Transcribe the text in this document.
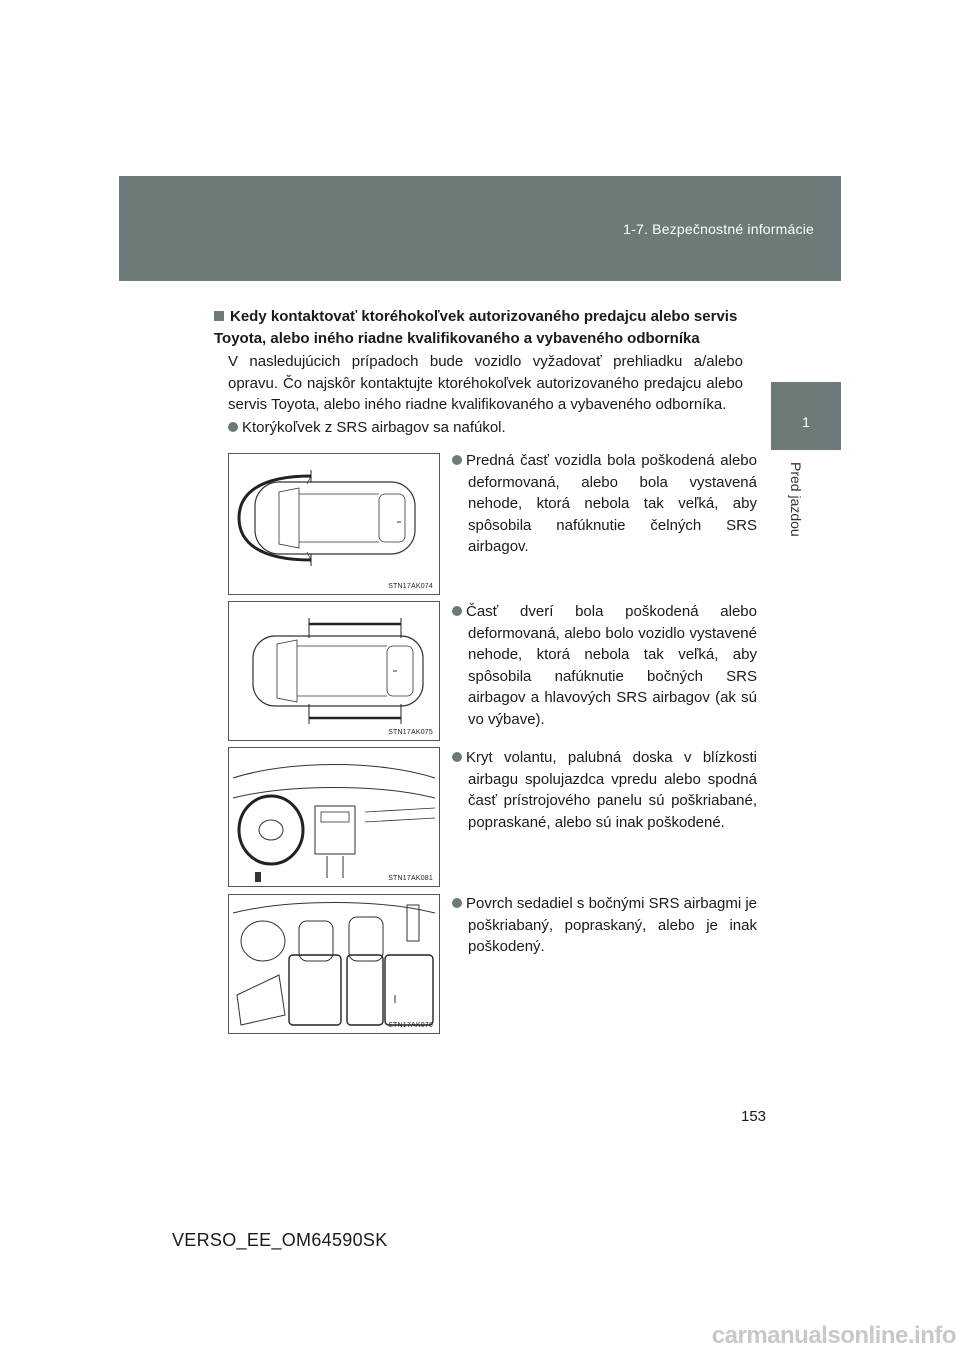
1-7. Bezpečnostné informácie
1
Pred jazdou
Kedy kontaktovať ktoréhokoľvek autorizovaného predajcu alebo servis Toyota, alebo iného riadne kvalifikovaného a vybaveného odborníka
V nasledujúcich prípadoch bude vozidlo vyžadovať prehliadku a/alebo opravu. Čo najskôr kontaktujte ktoréhokoľvek autorizovaného predajcu alebo servis Toyota, alebo iného riadne kvalifikovaného a vybaveného odborníka.
Ktorýkoľvek z SRS airbagov sa nafúkol.
STN17AK074
Predná časť vozidla bola poškodená alebo deformovaná, alebo bola vystavená nehode, ktorá nebola tak veľká, aby spôsobila nafúknutie čelných SRS airbagov.
STN17AK075
Časť dverí bola poškodená alebo deformovaná, alebo bolo vozidlo vystavené nehode, ktorá nebola tak veľká, aby spôsobila nafúknutie bočných SRS airbagov a hlavových SRS airbagov (ak sú vo výbave).
STN17AK081
Kryt volantu, palubná doska v blízkosti airbagu spolujazdca vpredu alebo spodná časť prístrojového panelu sú poškriabané, popraskané, alebo sú inak poškodené.
STN17AK076
Povrch sedadiel s bočnými SRS airbagmi je poškriabaný, popraskaný, alebo je inak poškodený.
153
VERSO_EE_OM64590SK
carmanualsonline.info
